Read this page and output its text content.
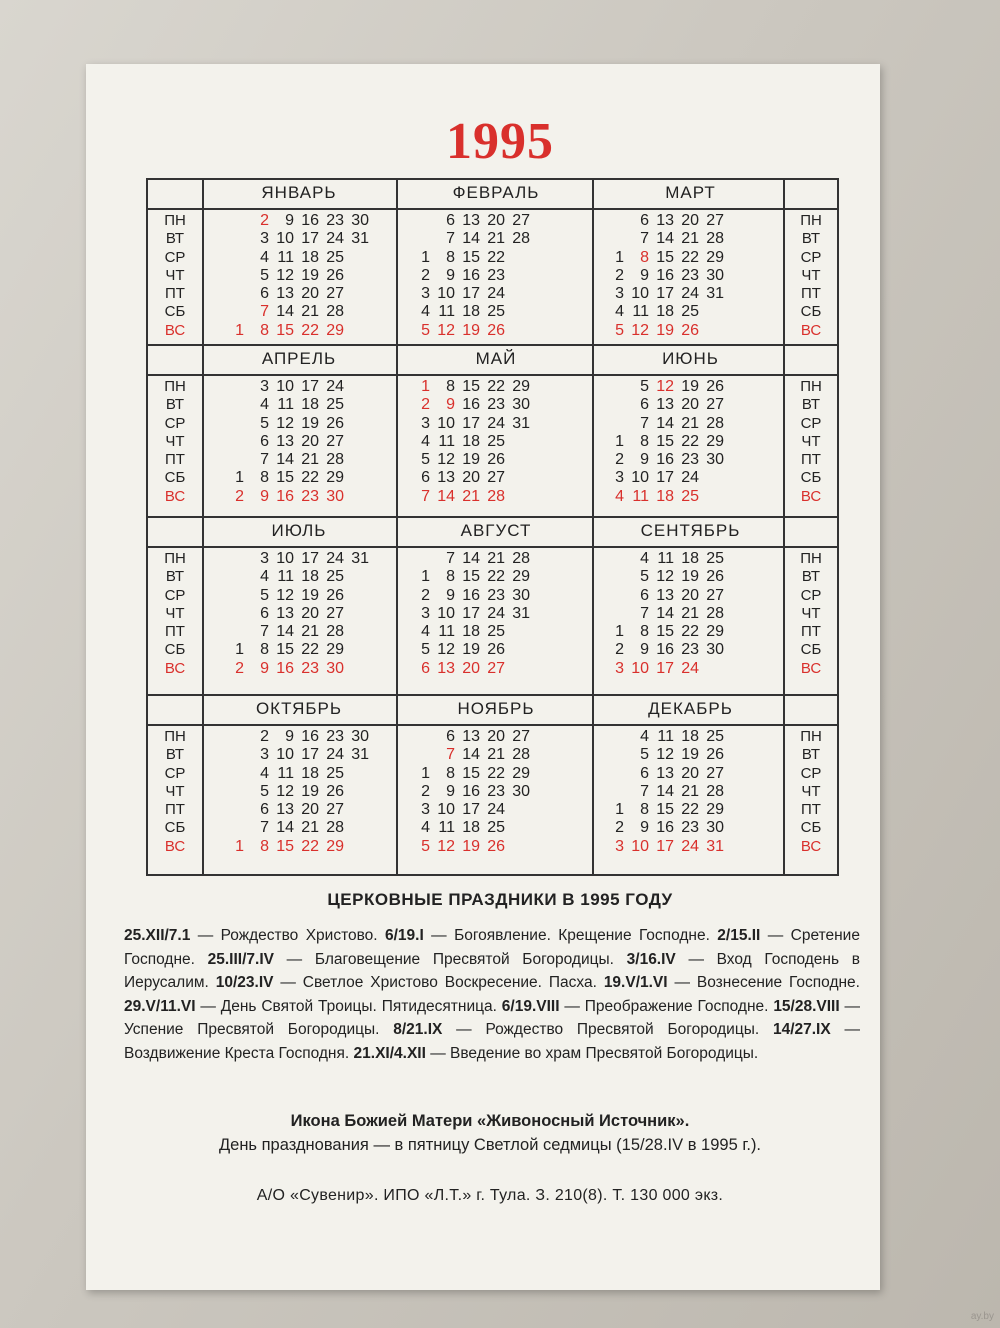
1995
ПН
ВТ
СР
ЧТ
ПТ
СБ
ВС
ПН
ВТ
СР
ЧТ
ПТ
СБ
ВС
ЯНВАРЬ
2 9 16 23 30
3 10 17 24 31
4 11 18 25
5 12 19 26
6 13 20 27
7 14 21 28
1 8 15 22 29
ФЕВРАЛЬ
6 13 20 27
7 14 21 28
1 8 15 22
2 9 16 23
3 10 17 24
4 11 18 25
5 12 19 26
МАРТ
6 13 20 27
7 14 21 28
1 8 15 22 29
2 9 16 23 30
3 10 17 24 31
4 11 18 25
5 12 19 26
ПН
ВТ
СР
ЧТ
ПТ
СБ
ВС
ПН
ВТ
СР
ЧТ
ПТ
СБ
ВС
АПРЕЛЬ
3 10 17 24
4 11 18 25
5 12 19 26
6 13 20 27
7 14 21 28
1 8 15 22 29
2 9 16 23 30
МАЙ
1 8 15 22 29
2 9 16 23 30
3 10 17 24 31
4 11 18 25
5 12 19 26
6 13 20 27
7 14 21 28
ИЮНЬ
5 12 19 26
6 13 20 27
7 14 21 28
1 8 15 22 29
2 9 16 23 30
3 10 17 24
4 11 18 25
ПН
ВТ
СР
ЧТ
ПТ
СБ
ВС
ПН
ВТ
СР
ЧТ
ПТ
СБ
ВС
ИЮЛЬ
3 10 17 24 31
4 11 18 25
5 12 19 26
6 13 20 27
7 14 21 28
1 8 15 22 29
2 9 16 23 30
АВГУСТ
7 14 21 28
1 8 15 22 29
2 9 16 23 30
3 10 17 24 31
4 11 18 25
5 12 19 26
6 13 20 27
СЕНТЯБРЬ
4 11 18 25
5 12 19 26
6 13 20 27
7 14 21 28
1 8 15 22 29
2 9 16 23 30
3 10 17 24
ПН
ВТ
СР
ЧТ
ПТ
СБ
ВС
ПН
ВТ
СР
ЧТ
ПТ
СБ
ВС
ОКТЯБРЬ
2 9 16 23 30
3 10 17 24 31
4 11 18 25
5 12 19 26
6 13 20 27
7 14 21 28
1 8 15 22 29
НОЯБРЬ
6 13 20 27
7 14 21 28
1 8 15 22 29
2 9 16 23 30
3 10 17 24
4 11 18 25
5 12 19 26
ДЕКАБРЬ
4 11 18 25
5 12 19 26
6 13 20 27
7 14 21 28
1 8 15 22 29
2 9 16 23 30
3 10 17 24 31
ЦЕРКОВНЫЕ ПРАЗДНИКИ В 1995 ГОДУ
25.XII/7.1 — Рождество Христово. 6/19.I — Богоявление. Крещение Господне. 2/15.II — Сретение Господне. 25.III/7.IV — Благовещение Пресвятой Богородицы. 3/16.IV — Вход Господень в Иерусалим. 10/23.IV — Светлое Христово Воскресение. Пасха. 19.V/1.VI — Вознесение Господне. 29.V/11.VI — День Святой Троицы. Пятидесятница. 6/19.VIII — Преображение Господне. 15/28.VIII — Успение Пресвятой Богородицы. 8/21.IX — Рождество Пресвятой Богородицы. 14/27.IX — Воздвижение Креста Господня. 21.XI/4.XII — Введение во храм Пресвятой Богородицы.
Икона Божией Матери «Живоносный Источник».
День празднования — в пятницу Светлой седмицы (15/28.IV в 1995 г.).
А/О «Сувенир». ИПО «Л.Т.» г. Тула. З. 210(8). Т. 130 000 экз.
ay.by
